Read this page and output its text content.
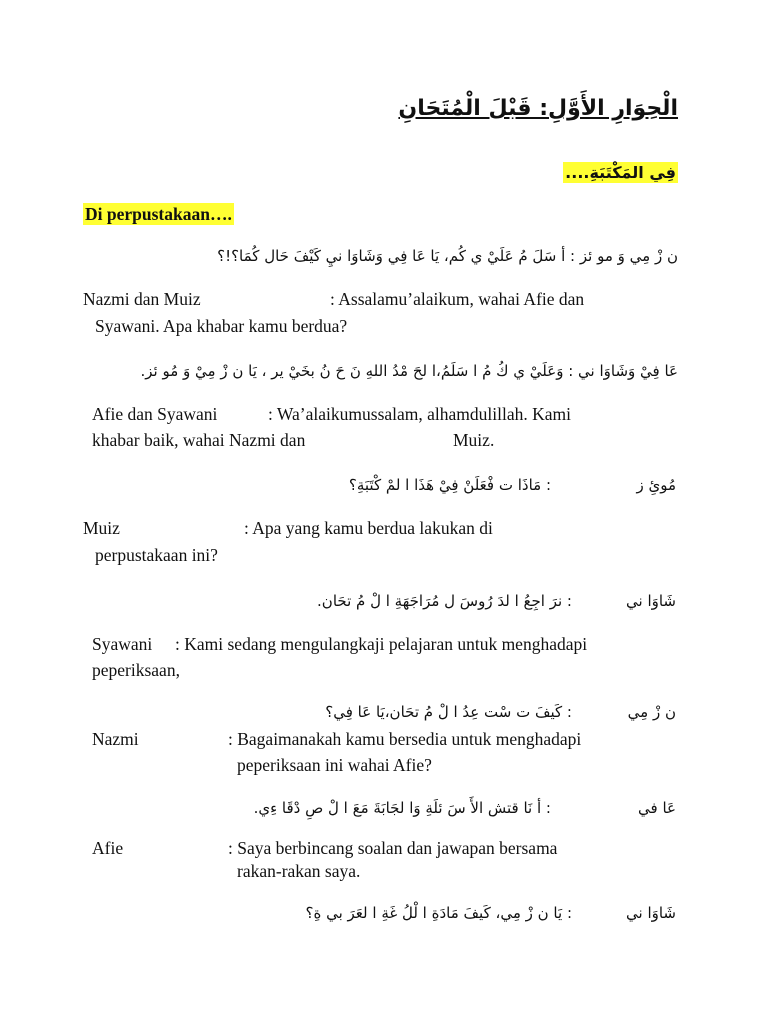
الْحِوَارِ الأَوَّلِ: قَبْلَ الْمُتَحَانِ
فِي المَكْتَبَةِ....
Di perpustakaan….
ن زْ مِي وَ مو ئز : أ سَلَ مُ عَلَيْ ي كُم، يَا عَا فِي وَشَاوَا نيِ كَيْفَ حَال كُمَا؟!؟
Nazmi dan Muiz	: Assalamu’alaikum, wahai Afie dan
Syawani. Apa khabar kamu berdua?
عَا فِيْ وَشَاوَا ني : وَعَلَيْ ي كُ مُ ا سَلَمُ،ا لحَ مْدُ اللهِ نَ حَ نُ بخَيْ ير ، يَا ن زْ مِيْ وَ مُو ئز.
Afie dan Syawani	: Wa’alaikumussalam, alhamdulillah. Kami
khabar baik, wahai Nazmi dan	Muiz.
مُوئِ ز
: مَاذَا ت فْعَلَنْ فِيْ هَذَا ا لمْ كْتَبَةِ؟
Muiz	: Apa yang kamu berdua lakukan di
perpustakaan ini?
شَاوَا ني
: نرَ اجِعُ ا لدَ رُوسَ ل مُرَاجَهَةِ ا لْ مُ تحَان.
Syawani : Kami sedang mengulangkaji pelajaran untuk menghadapi
peperiksaan,
ن زْ مِي
: كَيفَ ت سْت عِدُ ا لْ مُ تحَان،يَا عَا فِي؟
Nazmi	: Bagaimanakah kamu bersedia untuk menghadapi
peperiksaan ini wahai Afie?
عَا في
: أ نَا قتش الأَ سَ ئلَةِ وَا لجَابَةَ مَعَ ا لْ صِ دْقَا ءِي.
Afie	: Saya berbincang soalan dan jawapan bersama
rakan-rakan saya.
شَاوَا ني
: يَا ن زْ مِي، كَيفَ مَادَةِ ا لْلُ غَةِ ا لعَرَ بي ةِ؟
